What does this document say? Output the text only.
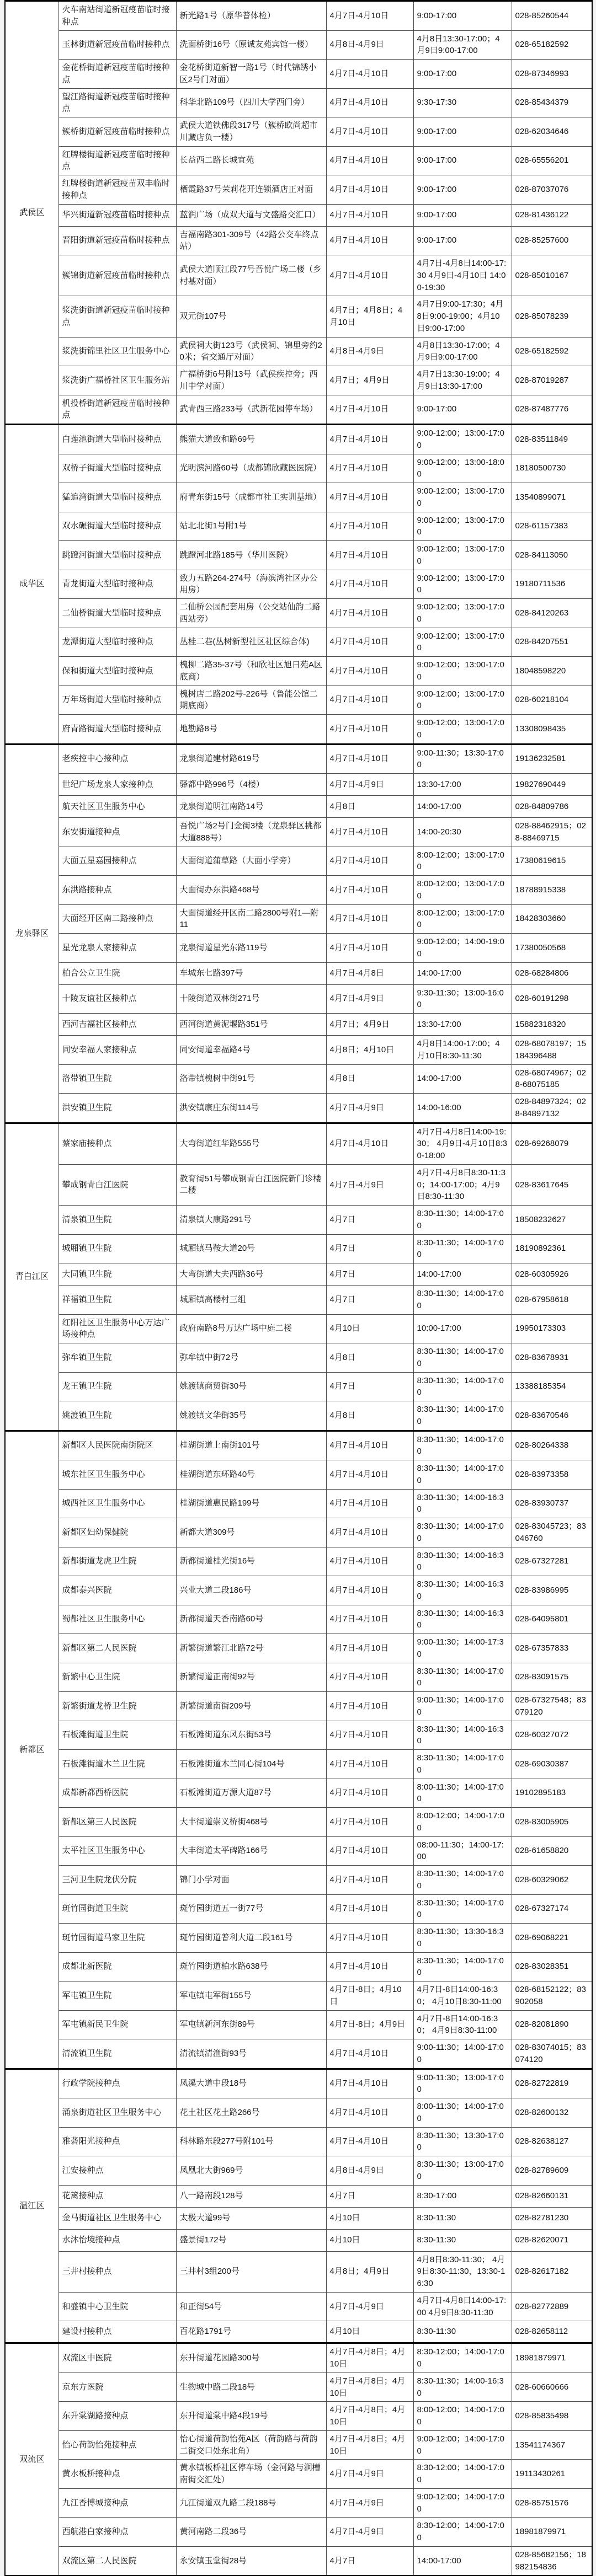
武侯区	火车南站街道新冠疫苗临时接种点	新光路1号（原华普体检）	4月7日-4月10日	9:00-17:00	028-85260544
	玉林街道新冠疫苗临时接种点	洗面桥街16号（原诚友苑宾馆一楼）	4月8日-4月9日	4月8日13:30-17:00；4月9日9:00-17:00	028-65182592
	金花桥街道新冠疫苗临时接种点	金花桥街道新智一路1号（时代锦绣小区2号门对面）	4月7日-4月10日	9:00-17:00	028-87346993
	望江路街道新冠疫苗临时接种点	科华北路109号（四川大学西门旁）	4月7日-4月10日	9:30-17:30	028-85434379
	簇桥街道新冠疫苗临时接种点	武侯大道铁佛段317号（簇桥欧尚超市川藏店负一楼）	4月7日-4月10日	9:00-17:00	028-62034646
	红牌楼街道新冠疫苗临时接种点	长益西二路长城宜苑	4月7日-4月10日	9:00-17:00	028-65556201
	红牌楼街道新冠疫苗双丰临时接种点	栖霞路37号茉莉花开连锁酒店正对面	4月7日-4月10日	9:00-17:00	028-87037076
	华兴街道新冠疫苗临时接种点	蓝润广场（成双大道与文盛路交汇口）	4月7日-4月10日	9:00-17:00	028-81436122
	晋阳街道新冠疫苗临时接种点	吉福南路301-309号（42路公交车终点站）	4月7日-4月10日	9:00-17:00	028-85257600
	簇锦街道新冠疫苗临时接种点	武侯大道顺江段77号吾悦广场二楼（乡村基对面）	4月7日-4月10日	4月7日-4月8日14:00-17:30 4月9日-4月10日 14:00-19:30	028-85010167
	浆洗街街道新冠疫苗临时接种点	双元街107号	4月7日；4月8日；4月10日	4月7日9:00-17:30；4月8日9:00-19:00；4月10日9:00-17:00	028-85078239
	浆洗街锦里社区卫生服务中心	武侯祠大街123号（武侯祠、锦里旁约20米；省交通厅对面）	4月8日-4月9日	4月8日13:30-17:00；4月9日9:00-17:00	028-65182592
	浆洗街广福桥社区卫生服务站	广福桥街6号附13号（武侯疾控旁；西川中学对面）	4月7日；4月9日	4月7日13:30-19:00；4月9日13:30-17:00	028-87019287
	机投桥街道新冠疫苗临时接种点	武青西三路233号（武新花园停车场）	4月7日-4月10日	9:00-17:00	028-87487776
成华区	白莲池街道大型临时接种点	熊猫大道致和路69号	4月7日-4月10日	9:00-12:00；13:00-17:00	028-83511849
	双桥子街道大型临时接种点	光明滨河路60号（成都锦欣藏医医院）	4月7日-4月10日	9:00-12:00；13:00-18:00	18180500730
	猛追湾街道大型临时接种点	府青东街15号（成都市社工实训基地）	4月7日-4月10日	9:00-12:00；13:00-17:00	13540899071
	双水碾街道大型临时接种点	站北北街1号附1号	4月7日-4月10日	9:00-12:00；13:00-17:00	028-61157383
	跳蹬河街道大型临时接种点	跳蹬河北路185号（华川医院）	4月7日-4月10日	9:00-12:00；13:00-17:00	028-84113050
	青龙街道大型临时接种点	致力五路264-274号（海滨湾社区办公用房）	4月7日-4月10日	9:00-12:00；13:00-17:00	19180711536
	二仙桥街道大型临时接种点	二仙桥公园配套用房（公交站仙韵二路西站旁）	4月7日-4月10日	9:00-12:00；13:00-17:00	028-84120263
	龙潭街道大型临时接种点	丛桂二巷(丛树新型社区社区综合体)	4月7日-4月10日	9:00-12:00；13:00-17:00	028-84207551
	保和街道大型临时接种点	槐柳二路35-37号（和欣社区旭日苑A区底商）	4月7日-4月10日	9:00-12:00；13:00-17:00	18048598220
	万年场街道大型临时接种点	槐树店二路202号-226号（鲁能公馆二期底商）	4月7日-4月10日	9:00-12:00；13:00-17:00	028-60218104
	府青路街道大型临时接种点	地勘路8号	4月7日-4月10日	9:00-12:00；13:00-17:00	13308098435
龙泉驿区	老疾控中心接种点	龙泉街道建材路619号	4月7日-4月10日	9:00-11:30；13:30-17:00	19136232581
	世纪广场龙泉人家接种点	驿都中路996号（4楼）	4月7日-4月9日	13:30-17:00	19827690449
	航天社区卫生服务中心	龙泉街道明江南路14号	4月8日	14:00-17:00	028-84809786
	东安街道接种点	吾悦广场2号门金街3楼（龙泉驿区桃都大道888号）	4月7日-4月10日	14:00-20:30	028-88462915；028-88469715
	大面五星嘉园接种点	大面街道蒲草路（大面小学旁）	4月7日-4月10日	8:00-12:00；13:00-17:00	17380619615
	东洪路接种点	大面街办东洪路468号	4月7日-4月10日	8:00-12:00；13:00-17:00	18788915338
	大面经开区南二路接种点	大面街道经开区南二路2800号附1—附11	4月7日-4月10日	8:00-12:00；13:00-17:00	18428303660
	星光龙泉人家接种点	龙泉街道星光东路119号	4月7日-4月10日	9:00-12:00；14:00-19:00	17380050568
	柏合公立卫生院	车城东七路397号	4月7日-4月8日	14:00-17:00	028-68284806
	十陵友谊社区接种点	十陵街道双林街271号	4月7日-4月9日	9:30-11:30；13:00-16:00	028-60191298
	西河吉福社区接种点	西河街道黄泥堰路351号	4月7日；4月9日	13:30-17:00	15882318320
	同安幸福人家接种点	同安街道幸福路4号	4月8日；4月10日	4月8日14:00-17:00；4月10日8:30-11:30	028-68078197；15184396488
	洛带镇卫生院	洛带镇槐树中街91号	4月8日	14:00-17:00	028-68074967；028-68075185
	洪安镇卫生院	洪安镇康庄东街114号	4月7日-4月9日	14:00-16:00	028-84897324；028-84897132
青白江区	蔡家庙接种点	大弯街道红华路555号	4月7日-4月10日	4月7日-4月8日14:00-19:30； 4月9日-4月10日8:30-18:00	028-69268079
	攀成钢青白江医院	教育街51号攀成钢青白江医院新门诊楼二楼	4月7日-4月9日	4月7日-4月8日8:30-11:30；14:00-17:00；4月9日8:30-11:30	028-83617645
	清泉镇卫生院	清泉镇大康路291号	4月7日	8:30-11:30；14:00-17:00	18508232627
	城厢镇卫生院	城厢镇马鞍大道20号	4月7日	8:30-11:30；14:00-17:00	18190892361
	大同镇卫生院	大弯街道大夫西路36号	4月7日	14:00-17:00	028-60305926
	祥福镇卫生院	城厢镇高楼村三组	4月7日	8:30-11:30；14:00-17:00	028-67958618
	红阳社区卫生服务中心万达广场接种点	政府南路8号万达广场中庭二楼	4月10日	10:00-17:00	19950173303
	弥牟镇卫生院	弥牟镇中街72号	4月8日	8:30-11:30；14:00-17:00	028-83678931
	龙王镇卫生院	姚渡镇商贸街30号	4月7日	8:30-11:30；14:00-17:00	13388185354
	姚渡镇卫生院	姚渡镇文华街35号	4月8日	8:30-11:30；14:00-17:00	028-83670546
新都区	新都区人民医院南街院区	桂湖街道上南街101号	4月7日-4月10日	8:30-11:30；14:00-17:00	028-80264338
	城东社区卫生服务中心	桂湖街道东环路40号	4月7日-4月10日	8:30-11:30；14:00-17:00	028-83973358
	城西社区卫生服务中心	桂湖街道惠民路199号	4月7日-4月10日	8:30-11:30；14:00-16:30	028-83930737
	新都区妇幼保健院	新都大道309号	4月7日-4月10日	8:30-11:30；14:00-17:00	028-83045723；83046760
	新都街道龙虎卫生院	新都街道桂光街16号	4月7日-4月10日	8:30-11:30；14:00-16:30	028-67327281
	成都泰兴医院	兴业大道二段186号	4月7日-4月10日	8:30-11:30；14:00-16:30	028-83986995
	蜀都社区卫生服务中心	新都街道天香南路60号	4月7日-4月10日	8:30-11:30；14:00-16:30	028-64095801
	新都区第二人民医院	新繁街道繁江北路72号	4月7日-4月10日	9:00-11:30；14:00-17:30	028-67357833
	新繁中心卫生院	新繁街道正南街92号	4月7日-4月10日	8:30-11:30；14:00-17:00	028-83091575
	新繁街道龙桥卫生院	新繁街道南街209号	4月7日-4月10日	9:00-11:30；14:00-17:00	028-67327548；83079120
	石板滩街道卫生院	石板滩街道东风东街53号	4月7日-4月10日	8:30-11:30；14:00-16:30	028-60327072
	石板滩街道木兰卫生院	石板滩街道木兰同心街104号	4月7日-4月10日	8:30-11:30；14:00-17:00	028-69030387
	成都新都西桥医院	石板滩街道万源大道87号	4月7日-4月10日	8:00-11:30；14:00-17:00	19102895183
	新都区第三人民医院	大丰街道崇义桥街468号	4月7日-4月10日	8:00-12:00；14:00-17:00	028-83005905
	太平社区卫生服务中心	大丰街道太平碑路166号	4月7日-4月10日	08:00-11:30；14:00-17:00	028-61658820
	三河卫生院龙伏分院	锦门小学对面	4月7日-4月10日	8:30-11:30；14:00-17:00	028-60329062
	斑竹园街道卫生院	斑竹园街道五一街77号	4月7日-4月10日	8:30-11:30；14:00-17:00	028-67327174
	斑竹园街道马家卫生院	斑竹园街道普利大道二段161号	4月7日-4月10日	8:30-11:30；13:30-16:30	028-69068221
	成都北新医院	斑竹园街道柏水路638号	4月7日-4月10日	8:30-11:30；14:00-17:00	028-83028351
	军屯镇卫生院	军屯镇屯军街155号	4月7日-8日；4月10日	4月7日-8日14:00-16:30； 4月10日8:30-11:00	028-68152122；83902058
	军屯镇新民卫生院	军屯镇新河东街89号	4月7日-8日；4月9日	4月7日-8日14:00-16:30； 4月9日8:30-11:00	028-82081890
	清流镇卫生院	清流镇清渔街93号	4月7日-4月10日	9:00-11:30；14:00-17:00	028-83074015；83074120
温江区	行政学院接种点	凤溪大道中段18号	4月7日-4月10日	9:00-11:30；13:00-17:00	028-82722819
	涌泉街道社区卫生服务中心	花土社区花土路266号	4月7日-4月10日	8:00-11:30；14:00-17:00	028-82600132
	雅砻阳光接种点	科林路东段277号附101号	4月7日-4月10日	8:30-11:30；13:30-17:00	028-82638127
	江安接种点	凤凰北大街969号	4月8日-4月9日	8:30-11:30；13:00-17:00	028-82789609
	花篱接种点	八一路南段128号	4月7日	8:30-17:00	028-82660131
	金马街道社区卫生服务中心	太极大道99号	4月10日	8:30-11:30	028-82781230
	水沐怡境接种点	盛景街172号	4月10日	8:30-11:30	028-82620071
	三井村接种点	三井村3组200号	4月8日；4月9日	4月8日8:30-11:30； 4月9日8:30-11:30，13:30-16:30	028-82617182
	和盛镇中心卫生院	和正街54号	4月7日-4月9日	4月7日-4月8日14:00-17:00 4月9日8:30-11:30	028-82772889
	建设村接种点	百花路1791号	4月10日	8:30-11:30	028-82658112
双流区	双流区中医院	东升街道花园路300号	4月7日-4月8日；4月10日	8:30-12:00；14:00-17:00	18981879971
	京东方医院	生物城中路二段18号	4月7日-4月8日；4月10日	8:30-11:30；14:00-16:30	028-60660666
	东升棠湖路接种点	东升街道棠中路4段19号	4月7日-4月8日；4月10日	8:00-12:00；14:00-17:00	028-85835498
	怡心荷韵怡苑接种点	怡心街道荷韵怡苑A区（荷韵路与荷韵二街交口处东北角）	4月7日-4月8日；4月10日	9:00-12:00；14:00-17:00	13541174367
	黄水板桥接种点	黄水镇板桥社区停车场（金河路与涧槽南街交汇处）	4月7日-4月9日	8:30-12:00；14:00-17:00	19113430261
	九江香博城接种点	九江街道双九路二段188号	4月7日-4月9日	9:00-12:00；14:00-17:00	028-85751576
	西航港白家接种点	黄河南路二段36号	4月7日-4月9日	8:30-12:00；14:00-17:00	18981879971
	双流区第二人民医院	永安镇玉堂街28号	4月7日	14:00-17:00	028-85682156；18982154836
